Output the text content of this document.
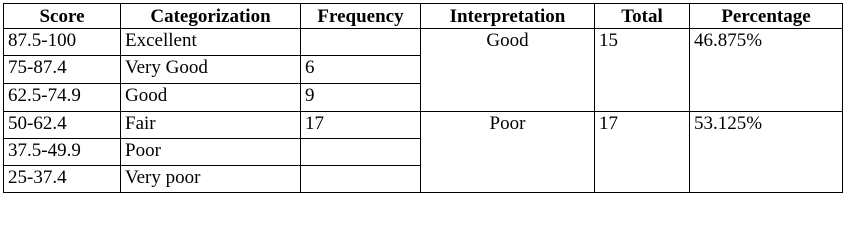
Score	Categorization	Frequency	Interpretation	Total	Percentage
87.5-100	Excellent		Good	15	46.875%
75-87.4	Very Good	6			
62.5-74.9	Good	9			
50-62.4	Fair	17	Poor	17	53.125%
37.5-49.9	Poor				
25-37.4	Very poor				
